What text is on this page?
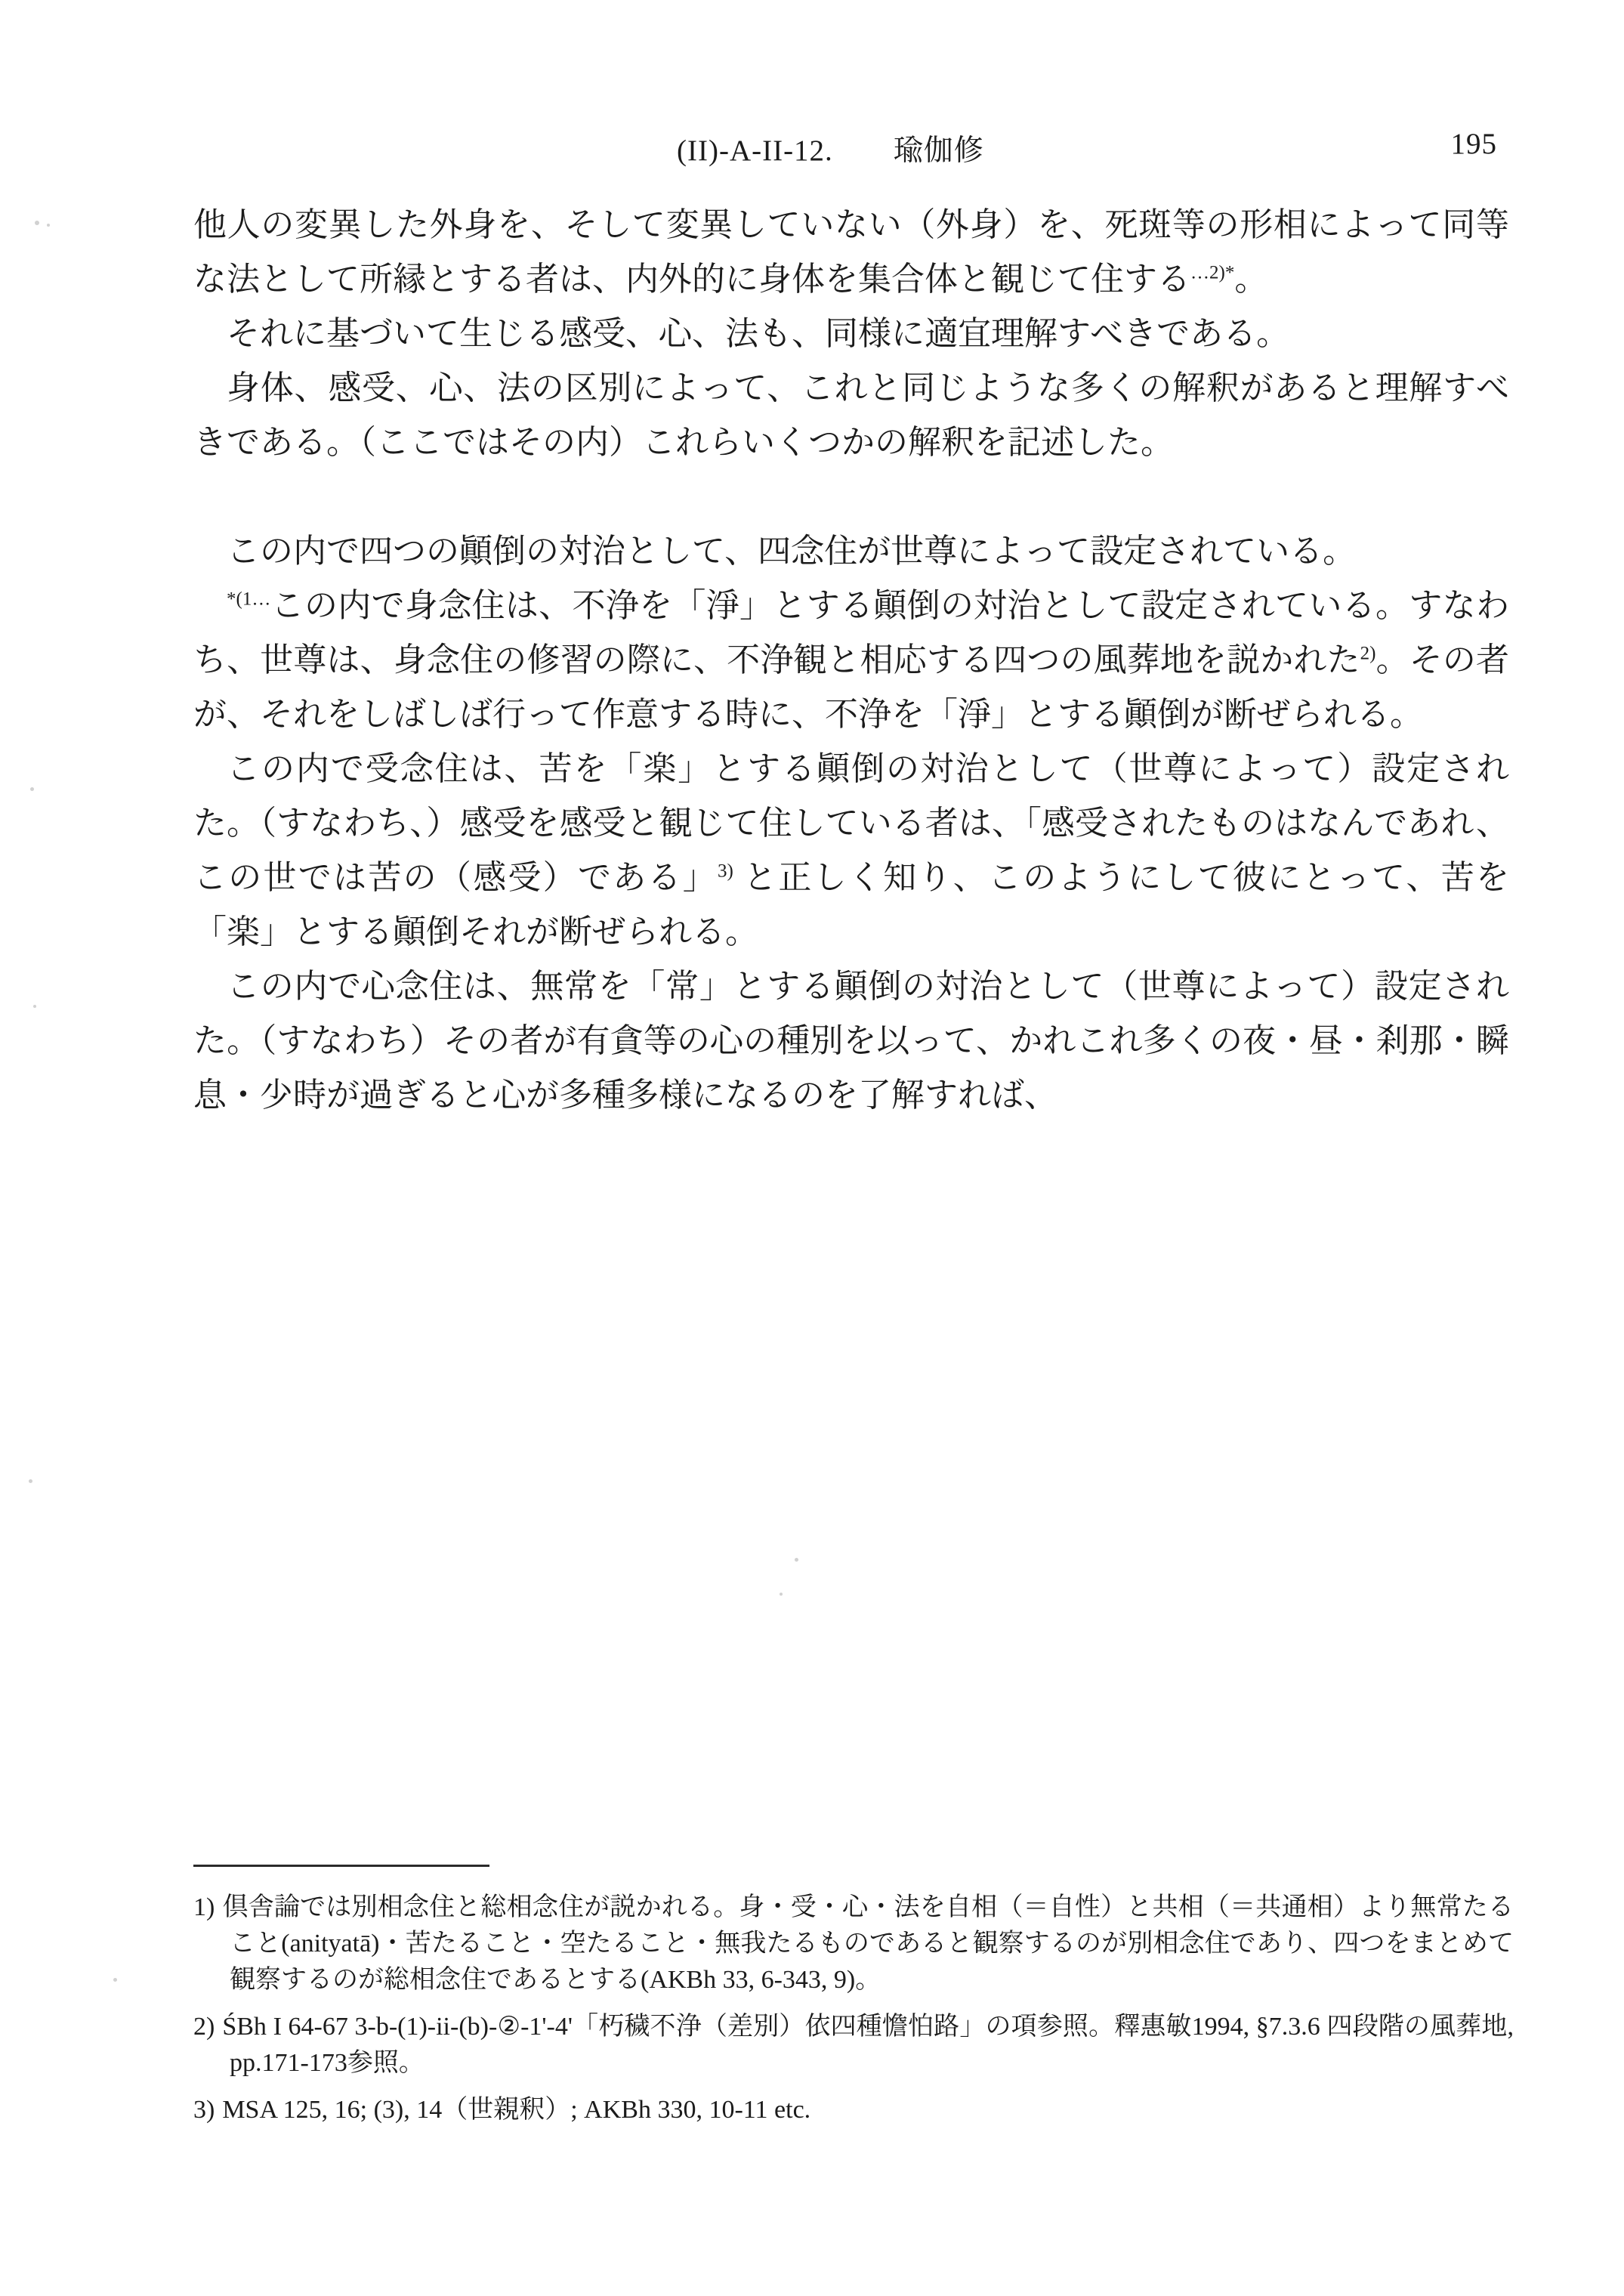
(II)-A-II-12.　　瑜伽修	195

他人の変異した外身を、そして変異していない（外身）を、死斑等の形相によって同等な法として所縁とする者は、内外的に身体を集合体と観じて住する$^{\dots 2)*}$。

それに基づいて生じる感受、心、法も、同様に適宜理解すべきである。

身体、感受、心、法の区別によって、これと同じような多くの解釈があると理解すべきである。（ここではその内）これらいくつかの解釈を記述した。

この内で四つの顚倒の対治として、四念住が世尊によって設定されている。

$^{*(1\dots}$この内で身念住は、不浄を「淨」とする顚倒の対治として設定されている。すなわち、世尊は、身念住の修習の際に、不浄観と相応する四つの風葬地を説かれた$^{2)}$。その者が、それをしばしば行って作意する時に、不浄を「淨」とする顚倒が断ぜられる。

この内で受念住は、苦を「楽」とする顚倒の対治として（世尊によって）設定された。（すなわち、）感受を感受と観じて住している者は、「感受されたものはなんであれ、この世では苦の（感受）である」$^{3)}$ と正しく知り、このようにして彼にとって、苦を「楽」とする顚倒それが断ぜられる。

この内で心念住は、無常を「常」とする顚倒の対治として（世尊によって）設定された。（すなわち）その者が有貪等の心の種別を以って、かれこれ多くの夜・昼・刹那・瞬息・少時が過ぎると心が多種多様になるのを了解すれば、

1) 倶舎論では別相念住と総相念住が説かれる。身・受・心・法を自相（＝自性）と共相（＝共通相）より無常たること(anityatā)・苦たること・空たること・無我たるものであると観察するのが別相念住であり、四つをまとめて観察するのが総相念住であるとする(AKBh 33, 6-343, 9)。

2) ŚBh I 64-67 3-b-(1)-ii-(b)-②-1'-4'「朽穢不浄（差別）依四種憺怕路」の項参照。釋惠敏1994, §7.3.6 四段階の風葬地, pp.171-173参照。

3) MSA 125, 16; (3), 14（世親釈）; AKBh 330, 10-11 etc.
